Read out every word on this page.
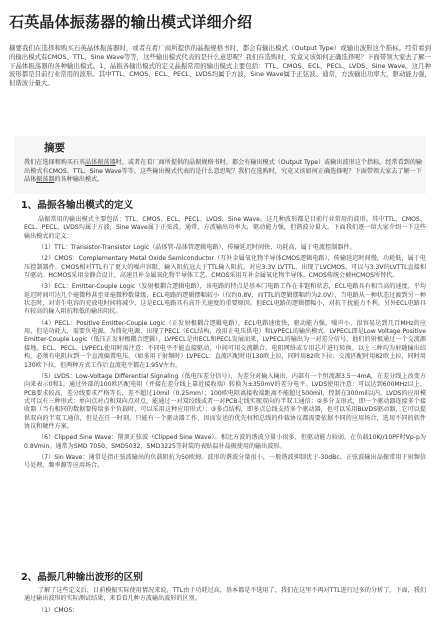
石英晶体振荡器的输出模式详细介绍

摘要我们在选择和购买石英晶体振荡器时，或者在看厂商所提供的晶振规格书时，都会有输出模式（Output Type）或输出波形这个指标。经常看到的输出模式有CMOS、TTL、Sine Wave等等，这些输出模式代表的是什么意思呢？我们在选购时，究竟又该如何正确选择呢？下面带领大家去了解一下晶体振荡器的各种输出模式。1、晶振各输出模式的定义晶振常用的输出模式主要包括：TTL、CMOS、ECL、PECL、LVDS、Sine Wave。这几种波形都是目前行业常用的波形。其中TTL、CMOS、ECL、PECL、LVDS均属于方波，Sine Wave属于正弦波。通常，方波输出功率大，驱动能力强，但谐波分量大。

摘要

我们在选择和购买石英晶体振荡器时，或者在看厂商所提供的晶振规格书时，都会有输出模式（Output Type）或输出波形这个指标。经常看到的输出模式有CMOS、TTL、Sine Wave等等，这些输出模式代表的是什么意思呢？我们在选购时，究竟又该如何正确选择呢？下面带领大家去了解一下晶体振荡器的各种输出模式。

1、晶振各输出模式的定义

晶振常用的输出模式主要包括：TTL、CMOS、ECL、PECL、LVDS、Sine Wave。这几种波形都是目前行业常用的波形。其中TTL、CMOS、ECL、PECL、LVDS均属于方波，Sine Wave属于正弦波。通常，方波输出功率大，驱动能力强，但谐波分量大。下面我们逐一给大家介绍一下这些输出模式的定义：

（1）TTL：Transistor-Transistor Logic（晶体管-晶体管逻辑电路），传输延迟时间快、功耗高，属于电流控制器件。

（2）CMOS：Complementary Metal Oxide Semiconductor（互补金属氧化物半导体CMOS逻辑电路），传输延迟时间慢，功耗低，属于电压控制器件。CMOS相对TTL有了更大的噪声容限，输入阻抗远大于TTL输入阻抗。对应3.3V LVTTL，出现了LVCMOS，可以与3.3V的LVTTL直接相互驱动。HCMOS采用金静合设计，高速且补金属氧化物半导体工艺，CMOS采用互补金属氧化物半导体。CMOS传统会被HCMOS所替代。

（3）ECL：Emitter-Couple Logic（发射极耦合逻辑电路），该电路的特点是基本门电路工作在非饱和状态，ECL电路具有相当高的速度。平均延迟时间可达几个毫微秒甚至亚毫微秒数量级，ECL电路的逻辑摆幅较小（仅约0.8V，而TTL的逻辑摆幅约为2.0V），当电路从一种状态过渡到另一种状态时，对寄生电容的充放电时间将减少，这是ECL电路具有高开关速度的重要原因。但ECL电路的逻辑摆幅小，对抗干扰能力不利。另外ECL电路具有较高的输入阻抗和低的输出阻抗。

（4）PECL：Positive Emitter-Couple Logic（正发射极耦合逻辑电路），ECL电路速度快，驱动能力强，噪声小，很容易达到几百MHz的应用，但是功耗大，需要负电源。为简化电源，出现了PECL（ECL结构，改用正电压供电）和LVPECL的输出模式。LVPECL即是Low Voltage Positive Emitter-Couple Logic（低压正发射极耦合逻辑），LVPECL是由ECL和PECL发展而来，LVPECL的输出为一对差分信号，他们的射极通过一个交流源接地。ECL、PECL、LVPECL使用时需注意：不同电平不能直接驱动，中间可用交流耦合、电阻网络或专用芯片进行转换。以上三种均为射随输出结构，必须有电阻拉到一个直流偏置电压。（如多用于射频时）LVPECL：直流匹配时用130欧上拉，同时用82欧下拉；交流匹配时用82欧上拉，同时用130欧下拉，但两种方式工作后直流电平都在1.95V左右。

（5）LVDS：Low-Voltage Differential Signaling（低电压差分信号），为差分对输入输出，内部有一个恒流源3.5～4mA，在差分线上改变方向来表示0和1。通过外部的100欧匹配电阻（并接在差分线上靠近接收端）转换为±350mV的差分电平。LVDS使用注意：可以达到600MHz以上，PCB要求较高，差分线要求严格等长，差不超过10mil（0.25mm）；100欧电阻离接收端距离不能超过500mil，控制在300mil以内。LVDS的应用模式可以有三种形式：单向点对点和双向点对点，能通过一对双绞线或者一对PCB走线实现双向的半双工通信；②多分支形式，即一个驱动器连接多个接收器（当有相同的数据要传给多个负载时，可以采用这种应用形式）；③多点结构，即多点总线支持多个驱动器，也可以采用BLVDS驱动器，它可以提供双向的半双工通信，但是在任一时刻，只能有一个驱动器工作，因而发送的优先权和总线的仲裁协议都需要依据不同的应用场合，选用不同的软件协议和硬件方案。

（6）Clipped Sine Wave：削顶正弦波（Clipped Sine Wave）。相比方波的谐波分量小很多，但驱动能力较弱，在负载10K//10PF时Vp-p为0.8Vmin。通常为SMD 7050、SMD5032、SMD3225等封装的表贴温补晶振使用的输出波形。

（7）Sin Wave：通常是指正弦波输出的负载阻抗为50欧姆。波形的谐波分量很小，一般谐波抑制优于-30dBc。正弦波输出晶振常用于射频信号处理、频率源等应用场合。

2、晶振几种输出波形的区别

了解了这些定义后，目前模振实际使用情况来说，TTL由于功耗过高，基本都是不选用了，我们在这里不再对TTL进行过多的分析了。下面，我们通过输出波形的实际测试结果，来看看几种方波输出波形的区别。

（1）CMOS：
